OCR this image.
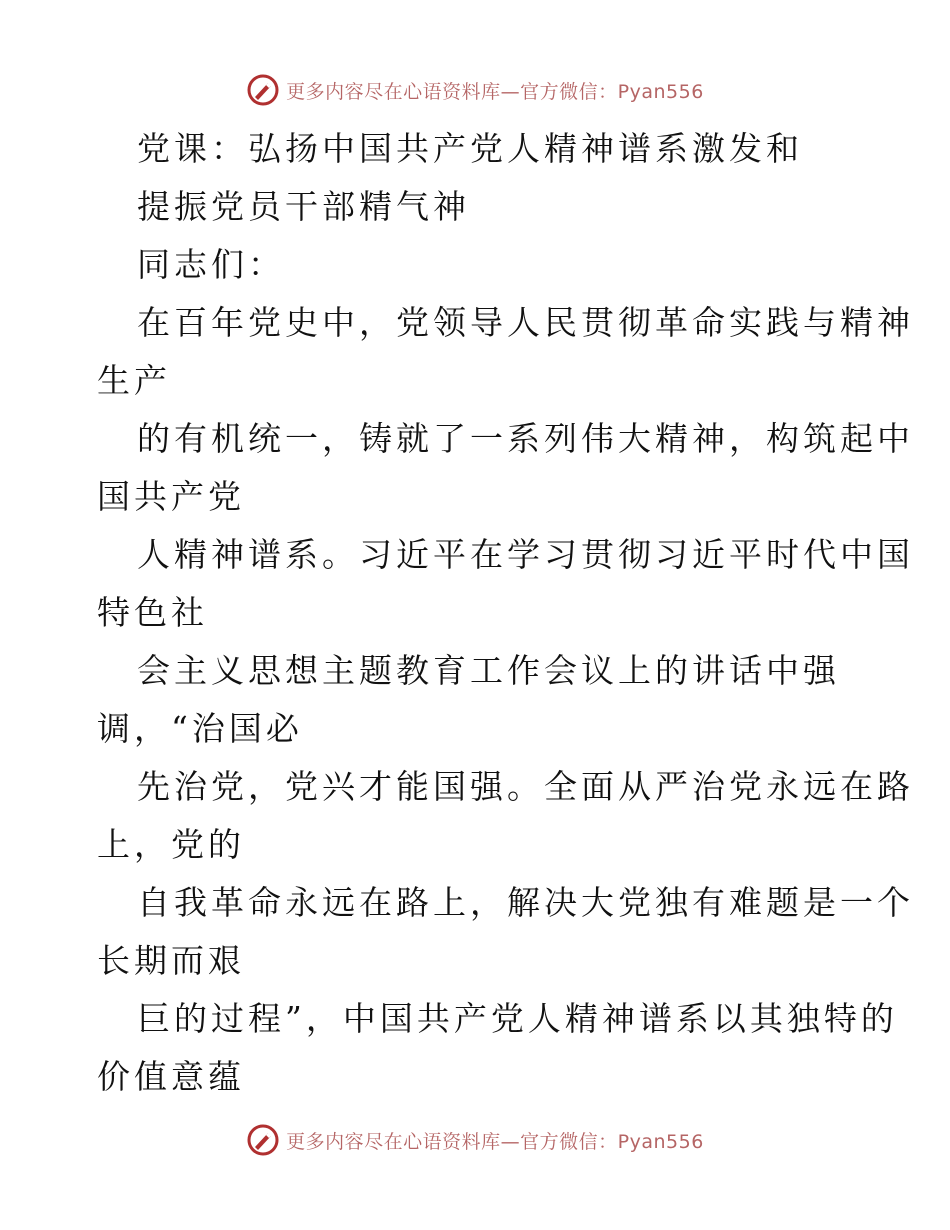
更多内容尽在心语资料库—官方微信：Pyan556
党课：弘扬中国共产党人精神谱系激发和
提振党员干部精气神
同志们：
在百年党史中，党领导人民贯彻革命实践与精神
生产
的有机统一，铸就了一系列伟大精神，构筑起中
国共产党
人精神谱系。习近平在学习贯彻习近平时代中国
特色社
会主义思想主题教育工作会议上的讲话中强
调，“治国必
先治党，党兴才能国强。全面从严治党永远在路
上，党的
自我革命永远在路上，解决大党独有难题是一个
长期而艰
巨的过程”，中国共产党人精神谱系以其独特的
价值意蕴
更多内容尽在心语资料库—官方微信：Pyan556
